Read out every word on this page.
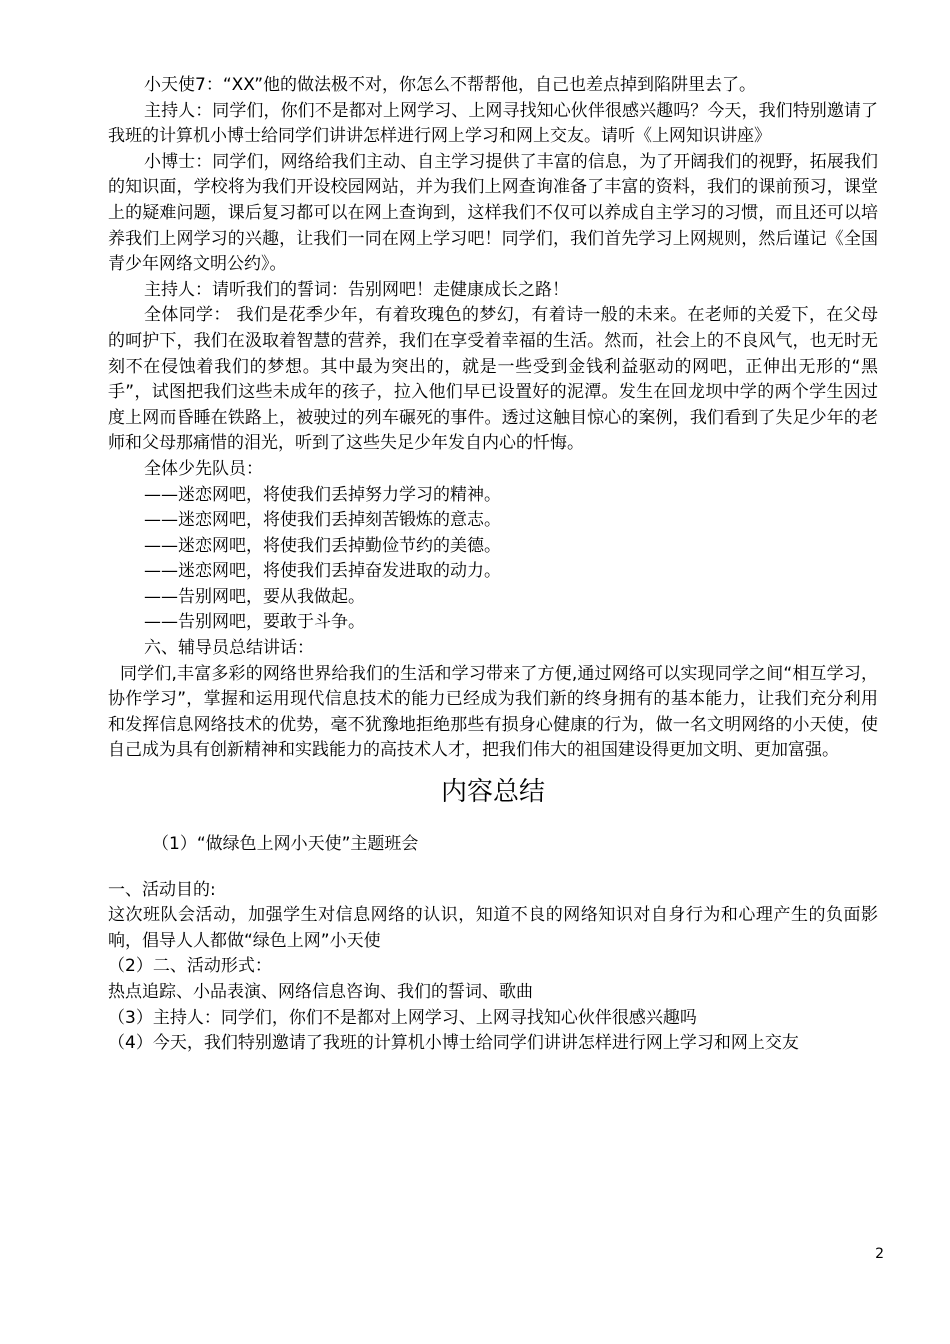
小天使7：“XX”他的做法极不对，你怎么不帮帮他，自己也差点掉到陷阱里去了。

主持人：同学们，你们不是都对上网学习、上网寻找知心伙伴很感兴趣吗？今天，我们特别邀请了我班的计算机小博士给同学们讲讲怎样进行网上学习和网上交友。请听《上网知识讲座》

小博士：同学们，网络给我们主动、自主学习提供了丰富的信息，为了开阔我们的视野，拓展我们的知识面，学校将为我们开设校园网站，并为我们上网查询准备了丰富的资料，我们的课前预习，课堂上的疑难问题，课后复习都可以在网上查询到，这样我们不仅可以养成自主学习的习惯，而且还可以培养我们上网学习的兴趣，让我们一同在网上学习吧！同学们，我们首先学习上网规则，然后谨记《全国青少年网络文明公约》。

主持人：请听我们的誓词：告别网吧！走健康成长之路！

全体同学： 我们是花季少年，有着玫瑰色的梦幻，有着诗一般的未来。在老师的关爱下，在父母的呵护下，我们在汲取着智慧的营养，我们在享受着幸福的生活。然而，社会上的不良风气，也无时无刻不在侵蚀着我们的梦想。其中最为突出的，就是一些受到金钱利益驱动的网吧，正伸出无形的“黑手”，试图把我们这些未成年的孩子，拉入他们早已设置好的泥潭。发生在回龙坝中学的两个学生因过度上网而昏睡在铁路上，被驶过的列车碾死的事件。透过这触目惊心的案例，我们看到了失足少年的老师和父母那痛惜的泪光，听到了这些失足少年发自内心的忏悔。

全体少先队员：

——迷恋网吧，将使我们丢掉努力学习的精神。

——迷恋网吧，将使我们丢掉刻苦锻炼的意志。

——迷恋网吧，将使我们丢掉勤俭节约的美德。

——迷恋网吧，将使我们丢掉奋发进取的动力。

——告别网吧，要从我做起。

——告别网吧，要敢于斗争。

六、辅导员总结讲话：

同学们,丰富多彩的网络世界给我们的生活和学习带来了方便,通过网络可以实现同学之间“相互学习，协作学习”，掌握和运用现代信息技术的能力已经成为我们新的终身拥有的基本能力，让我们充分利用和发挥信息网络技术的优势，毫不犹豫地拒绝那些有损身心健康的行为，做一名文明网络的小天使，使自己成为具有创新精神和实践能力的高技术人才，把我们伟大的祖国建设得更加文明、更加富强。

内容总结

（1）“做绿色上网小天使”主题班会

一、活动目的:

这次班队会活动，加强学生对信息网络的认识，知道不良的网络知识对自身行为和心理产生的负面影响，倡导人人都做“绿色上网”小天使

（2）二、活动形式：

热点追踪、小品表演、网络信息咨询、我们的誓词、歌曲

（3）主持人：同学们，你们不是都对上网学习、上网寻找知心伙伴很感兴趣吗

（4）今天，我们特别邀请了我班的计算机小博士给同学们讲讲怎样进行网上学习和网上交友

2
